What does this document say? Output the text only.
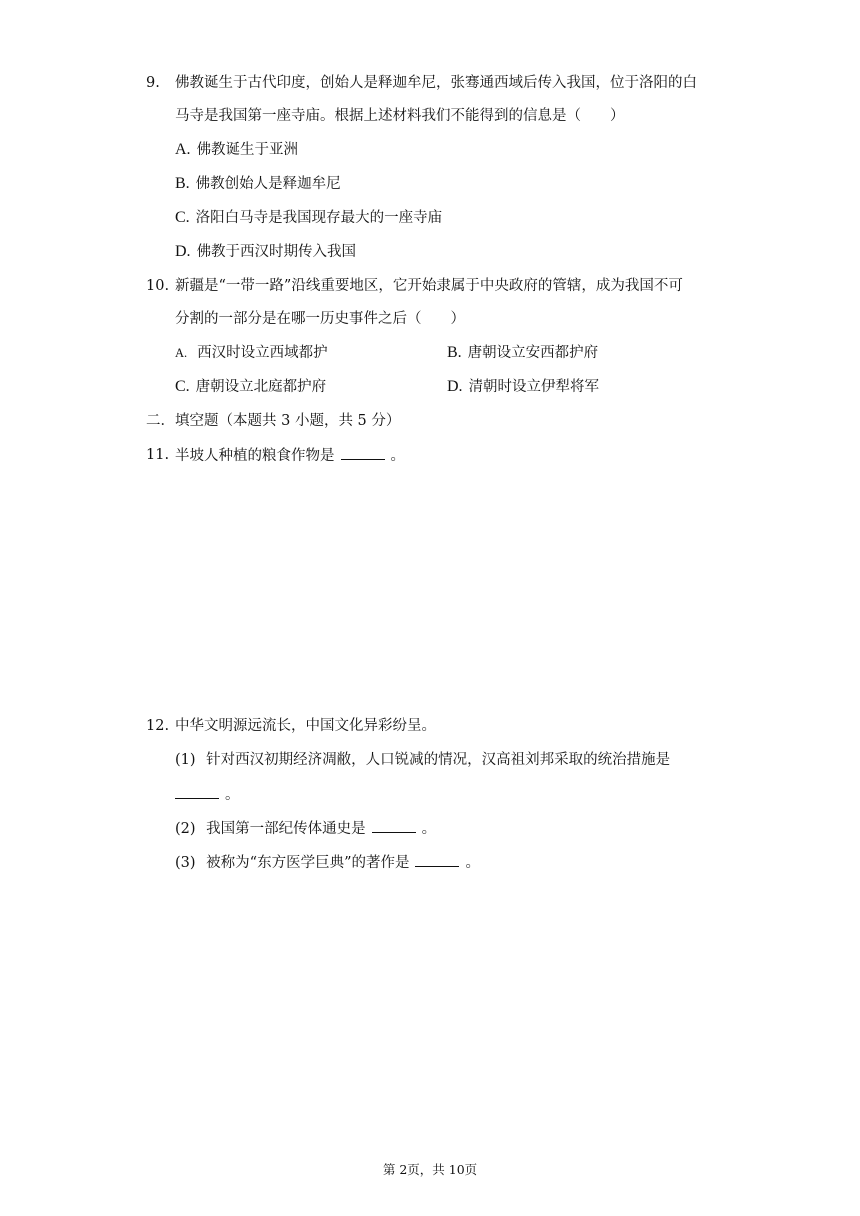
9. 佛教诞生于古代印度，创始人是释迦牟尼，张骞通西域后传入我国，位于洛阳的白
马寺是我国第一座寺庙。根据上述材料我们不能得到的信息是（　　）
A. 佛教诞生于亚洲
B. 佛教创始人是释迦牟尼
C. 洛阳白马寺是我国现存最大的一座寺庙
D. 佛教于西汉时期传入我国
10. 新疆是“一带一路”沿线重要地区，它开始隶属于中央政府的管辖，成为我国不可
分割的一部分是在哪一历史事件之后（　　）
A. 西汉时设立西域都护	B. 唐朝设立安西都护府
C. 唐朝设立北庭都护府	D. 清朝时设立伊犁将军
二．填空题（本题共 3 小题，共 5 分）
11. 半坡人种植的粮食作物是	。
12. 中华文明源远流长，中国文化异彩纷呈。
(1) 针对西汉初期经济凋敝，人口锐减的情况，汉高祖刘邦采取的统治措施是
。
(2) 我国第一部纪传体通史是	。
(3) 被称为“东方医学巨典”的著作是	。
第 2页，共 10页
